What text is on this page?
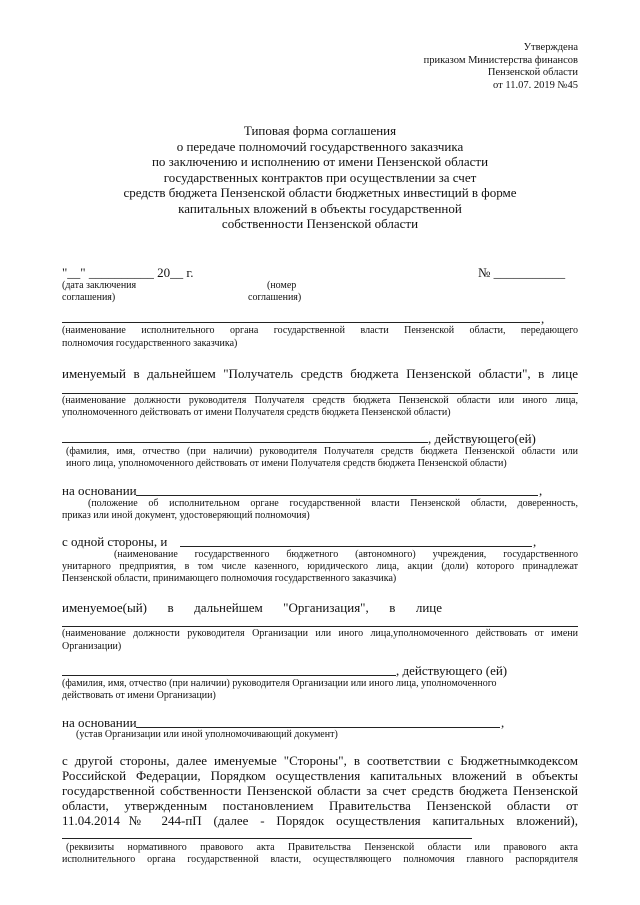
Утверждена
приказом Министерства финансов
Пензенской области
от 11.07. 2019 №45
Типовая форма соглашения
о передаче полномочий государственного заказчика
по заключению и исполнению от имени Пензенской области
государственных контрактов при осуществлении за счет
средств бюджета Пензенской области бюджетных инвестиций в форме
капитальных вложений в объекты государственной
собственности Пензенской области
"__" __________ 20__ г.	№ ___________
(дата заключения
соглашения)
(номер
соглашения)
,
(наименование исполнительного органа государственной власти Пензенской области, передающего
полномочия государственного заказчика)
именуемый в дальнейшем "Получатель средств бюджета Пензенской области", в лице
(наименование должности руководителя Получателя средств бюджета Пензенской области или иного лица,
уполномоченного действовать от имени Получателя средств бюджета Пензенской области)
, действующего(ей)
(фамилия, имя, отчество (при наличии) руководителя Получателя средств бюджета Пензенской области или
иного лица, уполномоченного действовать от имени Получателя средств бюджета Пензенской области)
на основании	,
(положение об исполнительном органе государственной власти Пензенской области, доверенность,
приказ или иной документ, удостоверяющий полномочия)
с одной стороны, и	,
(наименование государственного бюджетного (автономного) учреждения, государственного
унитарного предприятия, в том числе казенного, юридического лица, акции (доли) которого принадлежат
Пензенской области, принимающего полномочия государственного заказчика)
именуемое(ый) в дальнейшем "Организация", в лице
(наименование должности руководителя Организации или иного лица,уполномоченного действовать от имени
Организации)
, действующего (ей)
(фамилия, имя, отчество (при наличии) руководителя Организации или иного лица, уполномоченного
действовать от имени Организации)
на основании	,
(устав Организации или иной уполномочивающий документ)
с другой стороны, далее именуемые "Стороны", в соответствии с Бюджетнымкодексом
Российской Федерации, Порядком осуществления капитальных вложений в объекты
государственной собственности Пензенской области за счет средств бюджета Пензенской
области, утвержденным постановлением Правительства Пензенской области от
11.04.2014№ 244-пП (далее - Порядок осуществления капитальных вложений),
(реквизиты нормативного правового акта Правительства Пензенской области или правового акта
исполнительного органа государственной власти, осуществляющего полномочия главного распорядителя
